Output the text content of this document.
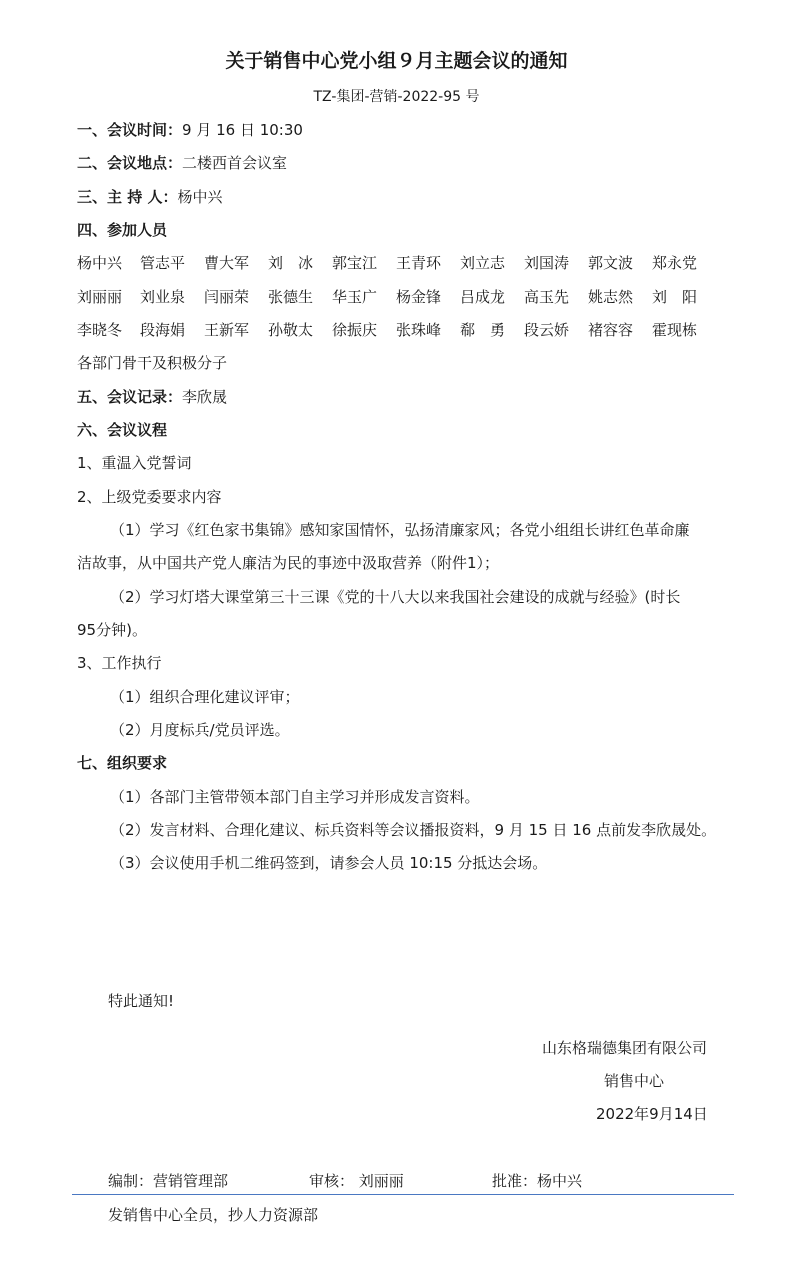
关于销售中心党小组９月主题会议的通知
TZ-集团-营销-2022-95 号
一、会议时间：9 月 16 日 10:30
二、会议地点：二楼西首会议室
三、主 持 人：杨中兴
四、参加人员
杨中兴 管志平 曹大军 刘　冰 郭宝江 王青环 刘立志 刘国涛 郭文波 郑永党
刘丽丽 刘业泉 闫丽荣 张德生 华玉广 杨金锋 吕成龙 高玉先 姚志然 刘　阳
李晓冬 段海娟 王新军 孙敬太 徐振庆 张珠峰 郗　勇 段云娇 褚容容 霍现栋
各部门骨干及积极分子
五、会议记录：李欣晟
六、会议议程
1、重温入党誓词
2、上级党委要求内容
（1）学习《红色家书集锦》感知家国情怀，弘扬清廉家风；各党小组组长讲红色革命廉
洁故事，从中国共产党人廉洁为民的事迹中汲取营养（附件1）；
（2）学习灯塔大课堂第三十三课《党的十八大以来我国社会建设的成就与经验》(时长
95分钟)。
3、工作执行
（1）组织合理化建议评审；
（2）月度标兵/党员评选。
七、组织要求
（1）各部门主管带领本部门自主学习并形成发言资料。
（2）发言材料、合理化建议、标兵资料等会议播报资料，9 月 15 日 16 点前发李欣晟处。
（3）会议使用手机二维码签到，请参会人员 10:15 分抵达会场。
特此通知!
山东格瑞德集团有限公司
销售中心
2022年9月14日
编制：营销管理部	审核： 刘丽丽	批准：杨中兴
发销售中心全员，抄人力资源部
